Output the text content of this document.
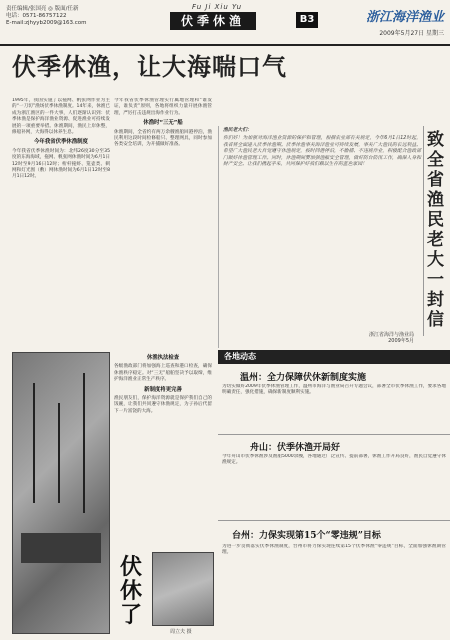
责任编辑/张国亮 ◎ 版面/任新
电话：0571-86757122
E-mail:zjhyyb2009@163.com
Fu Ji Xiu Yu
伏季休渔	B3	浙江海洋渔业
2009年5月27日 星期三
伏季休渔，让大海喘口气
1995年，我国实施了以拖网、帆张网作业为主的“一刀切”渔场伏季休渔制度。14年来，休渔已成为浙江渔区的一件大事，人们逐渐认识到：伏季休渔是保护海洋渔业资源、促进渔业可持续发展的一项重要举措。休渔期间，渔民上岸休整，修船补网，大海得以休养生息。
今年我省伏季休渔制度
今年我省伏季休渔时间为：北纬26度30分至35度的东海海域，拖网、帆张网休渔时间为6月1日12时至9月16日12时；桁杆拖虾、笼壶类、刺网和灯光围（敷）网休渔时间为6月1日12时至8月1日12时。
今年我省伏季休渔管理实行属地管理和“谁发证，谁负责”原则，各地将组织力量开展休渔管理，严厉打击违规出海作业行为。
休渔时“三无”船
休渔期间，全省约有两万余艘渔船回港停泊，渔民利用这段时间检修船只、整理网具，同时参加各类安全培训，为开捕做好准备。
渔民老大们：
你们好！为加强对海洋渔业资源的保护和管理，根据农业部有关规定，今年6月1日12时起，我省将全面进入伏季休渔期。伏季休渔事关海洋渔业可持续发展，事关广大渔民的长远利益。希望广大渔民老大自觉遵守休渔规定，按时回港停泊，不偷捕、不违规作业，积极配合渔政部门做好休渔管理工作。同时，休渔期间要加强渔船安全管理，做好防台防汛工作，确保人身和财产安全。让我们携起手来，共同保护好我们赖以生存的蓝色家园！
浙江省海洋与渔业局
2009年5月
致全省渔民老大一封信
休渔执法检查
各级渔政部门将加强海上巡查和港口检查，确保休渔秩序稳定。对“三无”船舶坚决予以取缔，维护海洋渔业正常生产秩序。
新制度将更完善
渔民朋友们，保护海洋资源就是保护我们自己的饭碗，让我们共同遵守休渔规定，为子孙后代留下一片富饶的大海。
伏休了
周立夫 摄
各地动态
温州：全力保障伏休新制度实施
为切实做好2009年伏季休渔管理工作，温州市海洋与渔业局召开专题会议，部署全市伏季休渔工作，要求各地明确责任，强化措施，确保新制度顺利实施。
舟山：伏季休渔开局好
今年舟山市伏季休渔涉及渔船5000余艘，各地通过广泛宣传、提前部署，休渔工作开局良好，渔民自觉遵守休渔规定。
台州：力保实现第15个“零违规”目标
为进一步贯彻落实伏季休渔制度，台州市将力保实现连续第15个伏季休渔“零违规”目标，全面加强休渔期管理。
